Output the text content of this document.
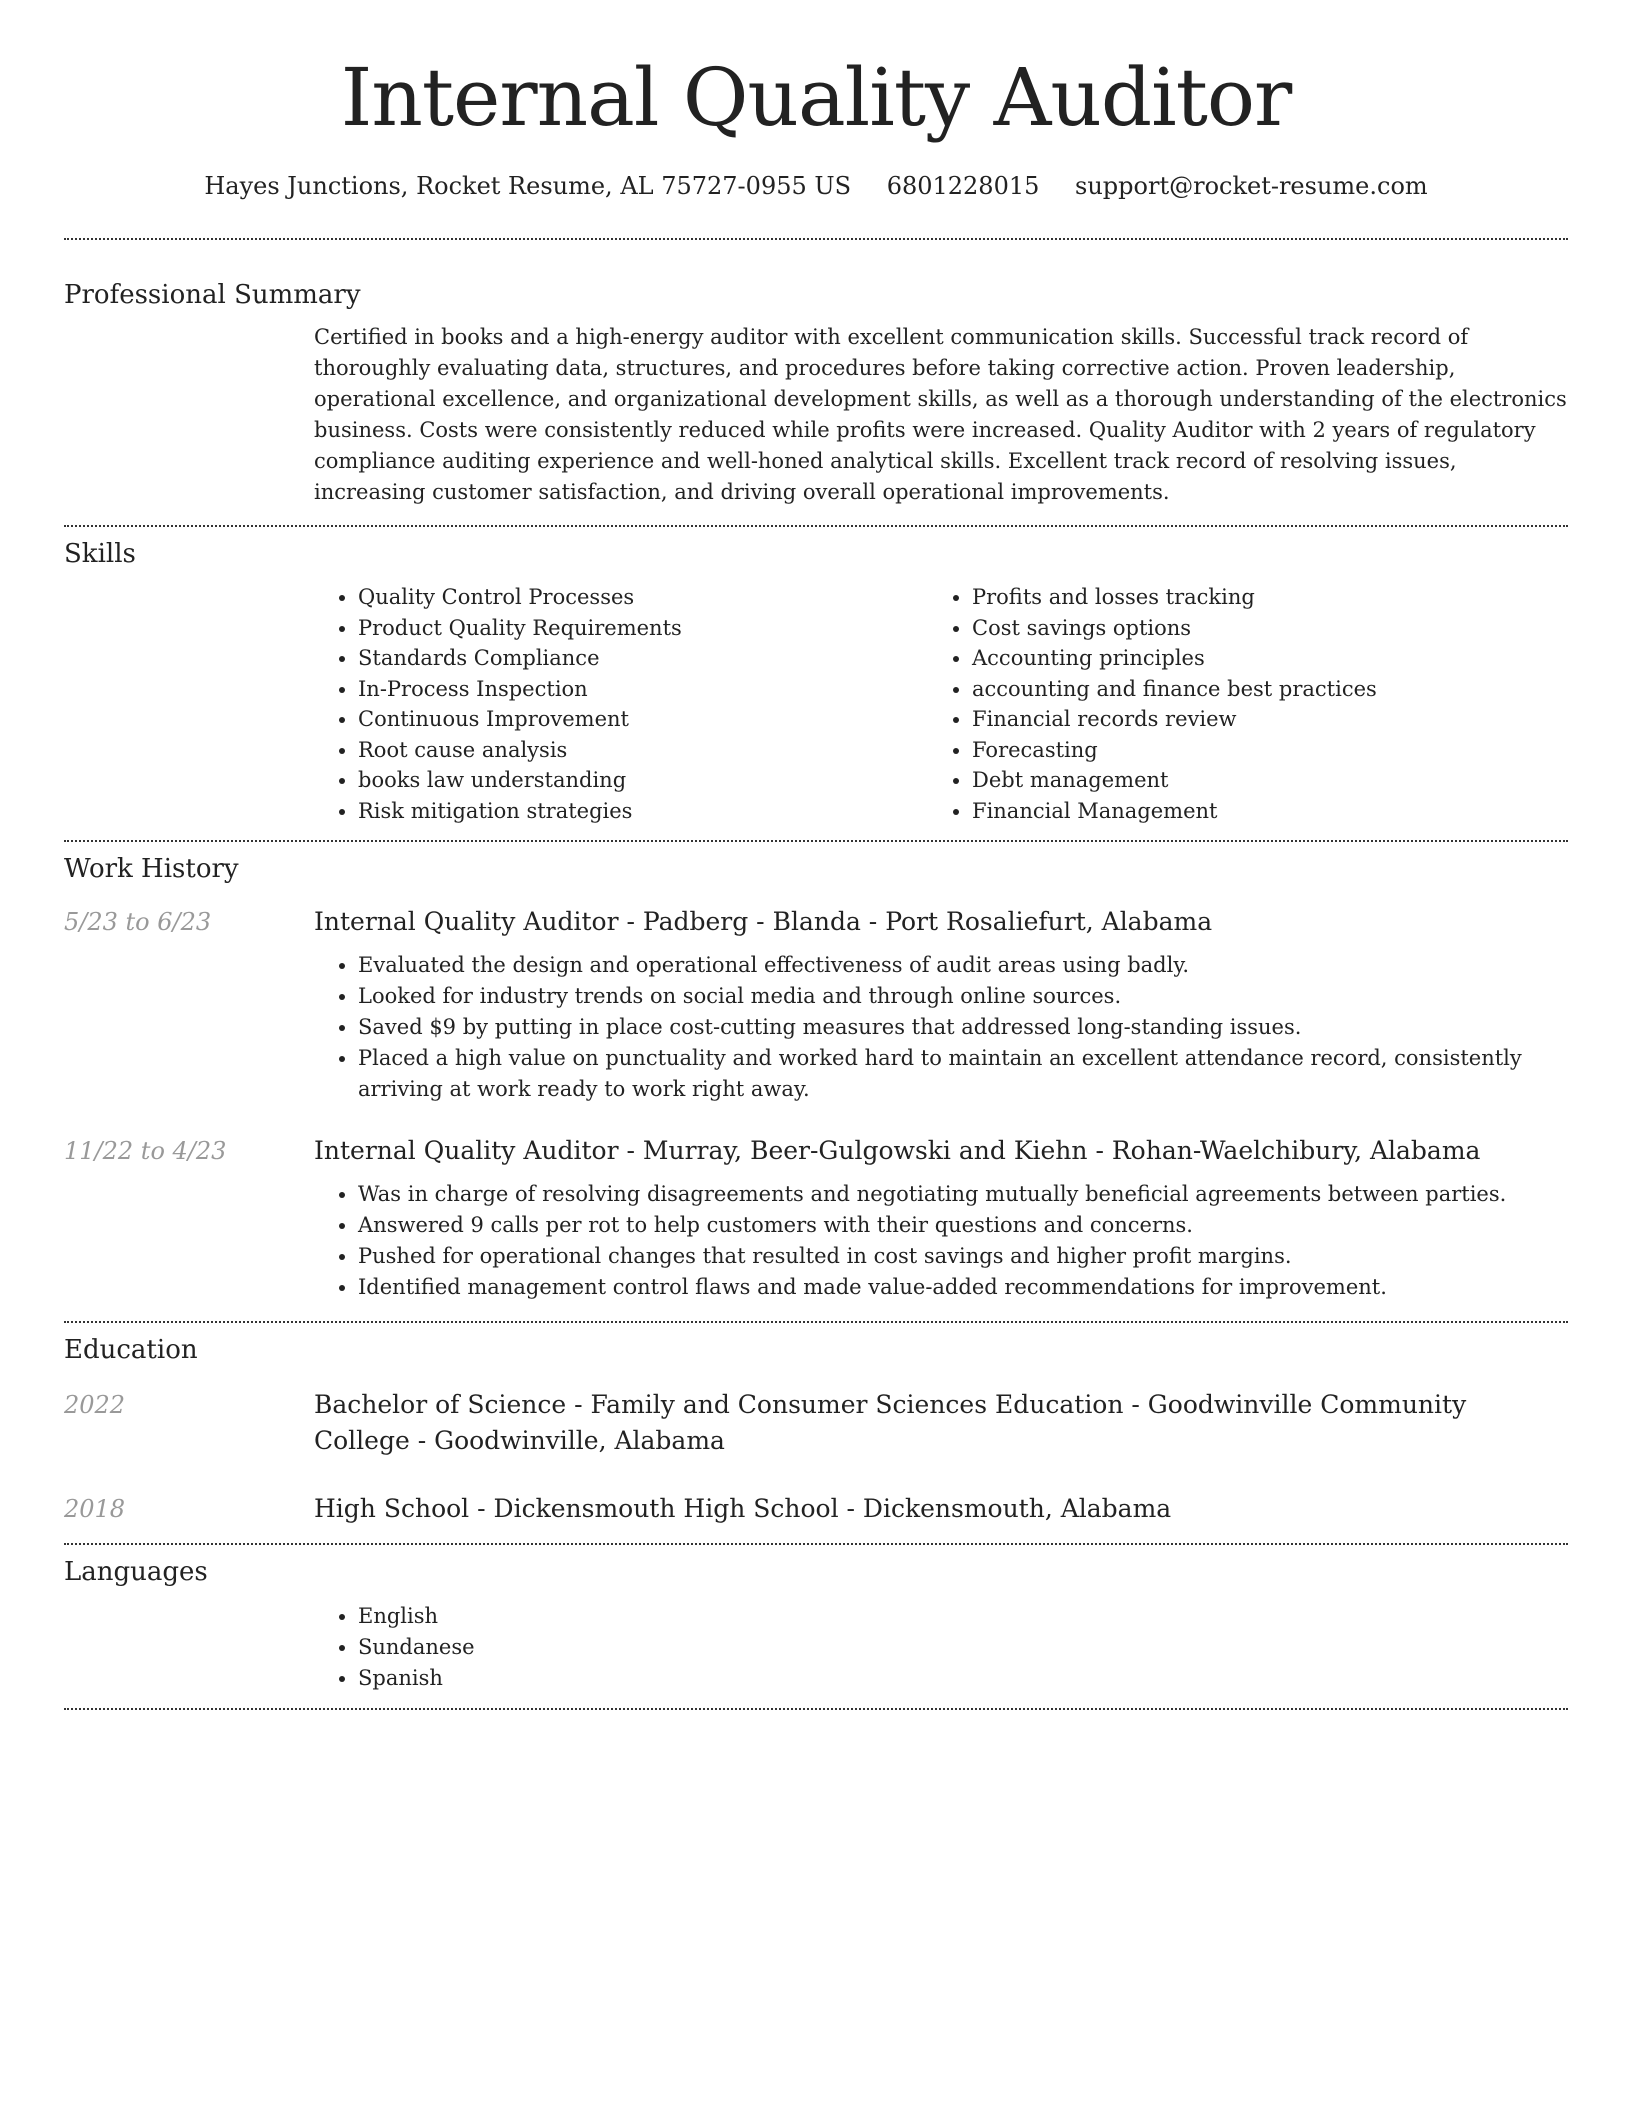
Internal Quality Auditor
Hayes Junctions, Rocket Resume, AL 75727-0955 US 6801228015 support@rocket-resume.com
Professional Summary
Certified in books and a high-energy auditor with excellent communication skills. Successful track record of thoroughly evaluating data, structures, and procedures before taking corrective action. Proven leadership, operational excellence, and organizational development skills, as well as a thorough understanding of the electronics business. Costs were consistently reduced while profits were increased. Quality Auditor with 2 years of regulatory compliance auditing experience and well-honed analytical skills. Excellent track record of resolving issues, increasing customer satisfaction, and driving overall operational improvements.
Skills
• Quality Control Processes
• Product Quality Requirements
• Standards Compliance
• In-Process Inspection
• Continuous Improvement
• Root cause analysis
• books law understanding
• Risk mitigation strategies
• Profits and losses tracking
• Cost savings options
• Accounting principles
• accounting and finance best practices
• Financial records review
• Forecasting
• Debt management
• Financial Management
Work History
5/23 to 6/23	Internal Quality Auditor - Padberg - Blanda - Port Rosaliefurt, Alabama
• Evaluated the design and operational effectiveness of audit areas using badly.
• Looked for industry trends on social media and through online sources.
• Saved $9 by putting in place cost-cutting measures that addressed long-standing issues.
• Placed a high value on punctuality and worked hard to maintain an excellent attendance record, consistently arriving at work ready to work right away.
11/22 to 4/23	Internal Quality Auditor - Murray, Beer-Gulgowski and Kiehn - Rohan-Waelchibury, Alabama
• Was in charge of resolving disagreements and negotiating mutually beneficial agreements between parties.
• Answered 9 calls per rot to help customers with their questions and concerns.
• Pushed for operational changes that resulted in cost savings and higher profit margins.
• Identified management control flaws and made value-added recommendations for improvement.
Education
2022	Bachelor of Science - Family and Consumer Sciences Education - Goodwinville Community College - Goodwinville, Alabama
2018	High School - Dickensmouth High School - Dickensmouth, Alabama
Languages
• English
• Sundanese
• Spanish
